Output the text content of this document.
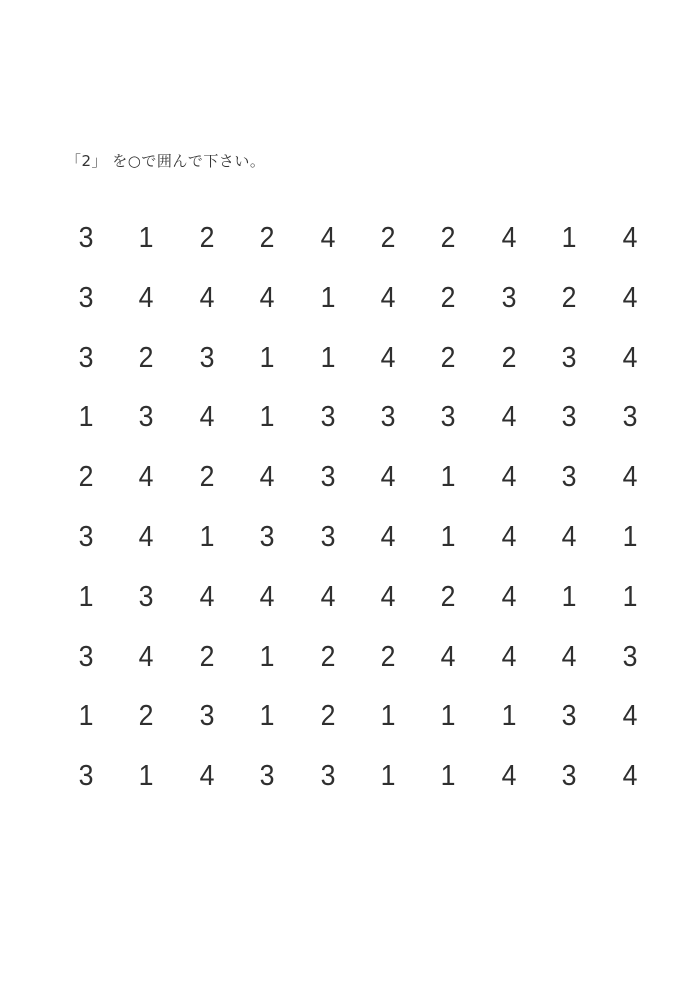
「2」 を○で囲んで下さい。
3	1	2	2	4	2	2	4	1	4
3	4	4	4	1	4	2	3	2	4
3	2	3	1	1	4	2	2	3	4
1	3	4	1	3	3	3	4	3	3
2	4	2	4	3	4	1	4	3	4
3	4	1	3	3	4	1	4	4	1
1	3	4	4	4	4	2	4	1	1
3	4	2	1	2	2	4	4	4	3
1	2	3	1	2	1	1	1	3	4
3	1	4	3	3	1	1	4	3	4
